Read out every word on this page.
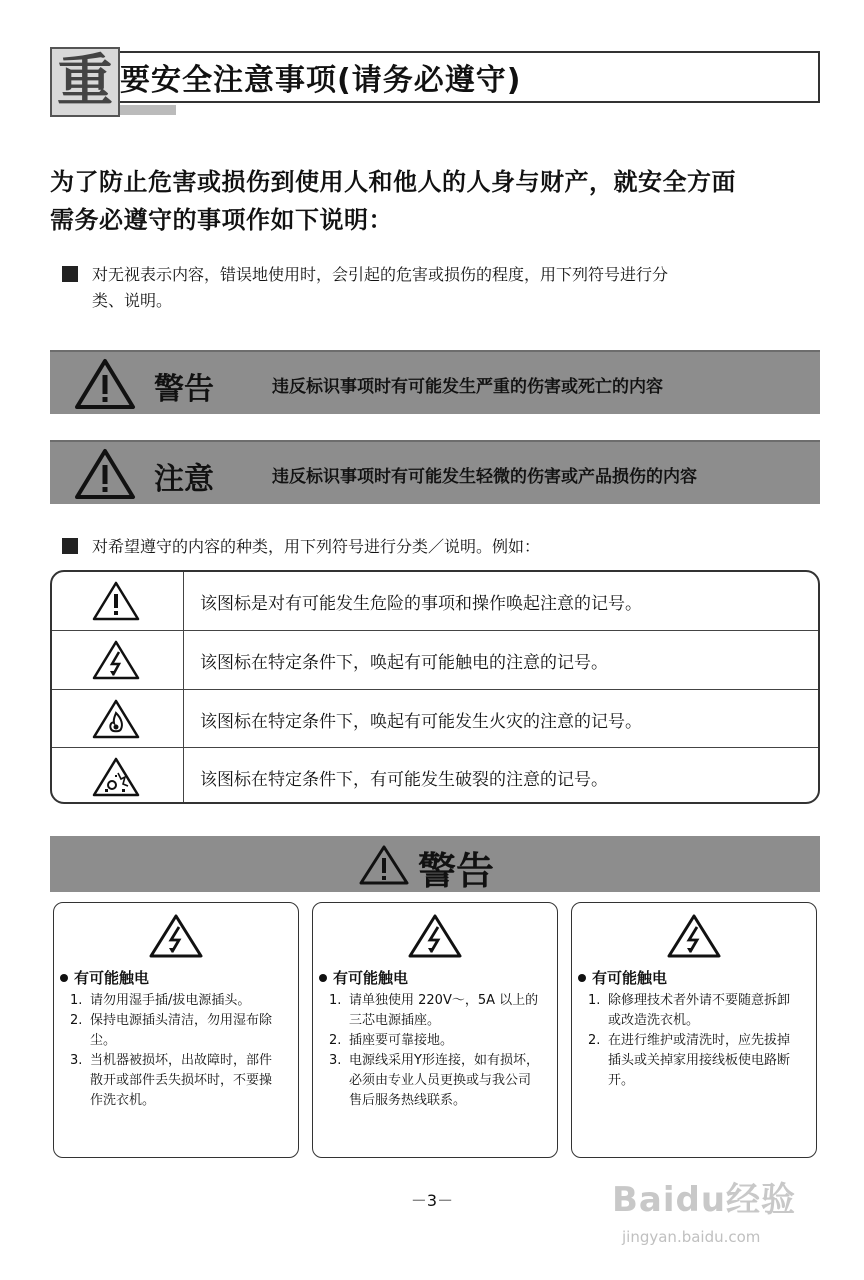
重 要安全注意事项(请务必遵守)
为了防止危害或损伤到使用人和他人的人身与财产，就安全方面
需务必遵守的事项作如下说明：
对无视表示内容，错误地使用时，会引起的危害或损伤的程度，用下列符号进行分
类、说明。
警告	违反标识事项时有可能发生严重的伤害或死亡的内容
注意	违反标识事项时有可能发生轻微的伤害或产品损伤的内容
对希望遵守的内容的种类，用下列符号进行分类／说明。例如：
该图标是对有可能发生危险的事项和操作唤起注意的记号。
该图标在特定条件下，唤起有可能触电的注意的记号。
该图标在特定条件下，唤起有可能发生火灾的注意的记号。
该图标在特定条件下，有可能发生破裂的注意的记号。
警告
有可能触电
1. 请勿用湿手插/拔电源插头。
2. 保持电源插头清洁，勿用湿布除尘。
3. 当机器被损坏，出故障时，部件散开或部件丢失损坏时，不要操作洗衣机。
有可能触电
1. 请单独使用 220V～，5A 以上的三芯电源插座。
2. 插座要可靠接地。
3. 电源线采用Y形连接，如有损坏，必须由专业人员更换或与我公司售后服务热线联系。
有可能触电
1. 除修理技术者外请不要随意拆卸或改造洗衣机。
2. 在进行维护或清洗时，应先拔掉插头或关掉家用接线板使电路断开。
－3－	Baidu经验
jingyan.baidu.com
